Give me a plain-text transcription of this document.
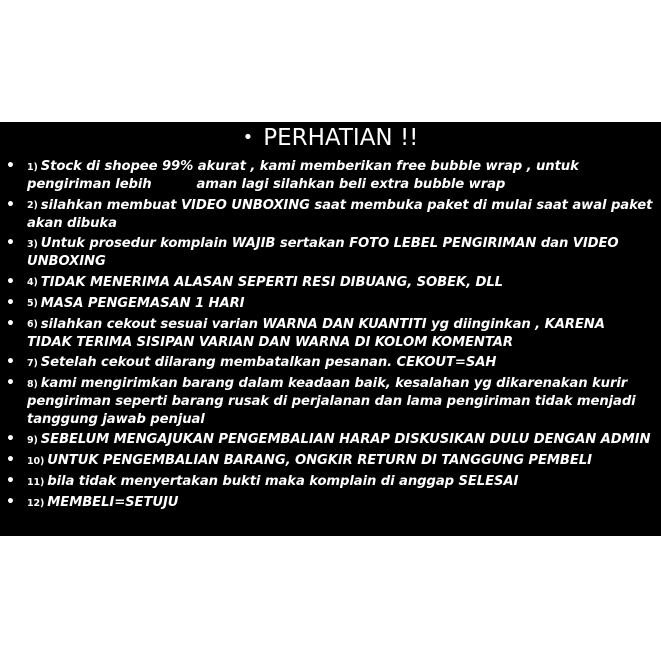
• PERHATIAN !!
• 1) Stock di shopee 99% akurat , kami memberikan free bubble wrap , untuk pengiriman lebih          aman lagi silahkan beli extra bubble wrap
• 2) silahkan membuat VIDEO UNBOXING saat membuka paket di mulai saat awal paket akan dibuka
• 3) Untuk prosedur komplain WAJIB sertakan FOTO LEBEL PENGIRIMAN dan VIDEO UNBOXING
• 4) TIDAK MENERIMA ALASAN SEPERTI RESI DIBUANG, SOBEK, DLL
• 5) MASA PENGEMASAN 1 HARI
• 6) silahkan cekout sesuai varian WARNA DAN KUANTITI yg diinginkan , KARENA TIDAK TERIMA SISIPAN VARIAN DAN WARNA DI KOLOM KOMENTAR
• 7) Setelah cekout dilarang membatalkan pesanan. CEKOUT=SAH
• 8) kami mengirimkan barang dalam keadaan baik, kesalahan yg dikarenakan kurir pengiriman seperti barang rusak di perjalanan dan lama pengiriman tidak menjadi tanggung jawab penjual
• 9) SEBELUM MENGAJUKAN PENGEMBALIAN HARAP DISKUSIKAN DULU DENGAN ADMIN
• 10) UNTUK PENGEMBALIAN BARANG, ONGKIR RETURN DI TANGGUNG PEMBELI
• 11) bila tidak menyertakan bukti maka komplain di anggap SELESAI
• 12) MEMBELI=SETUJU
